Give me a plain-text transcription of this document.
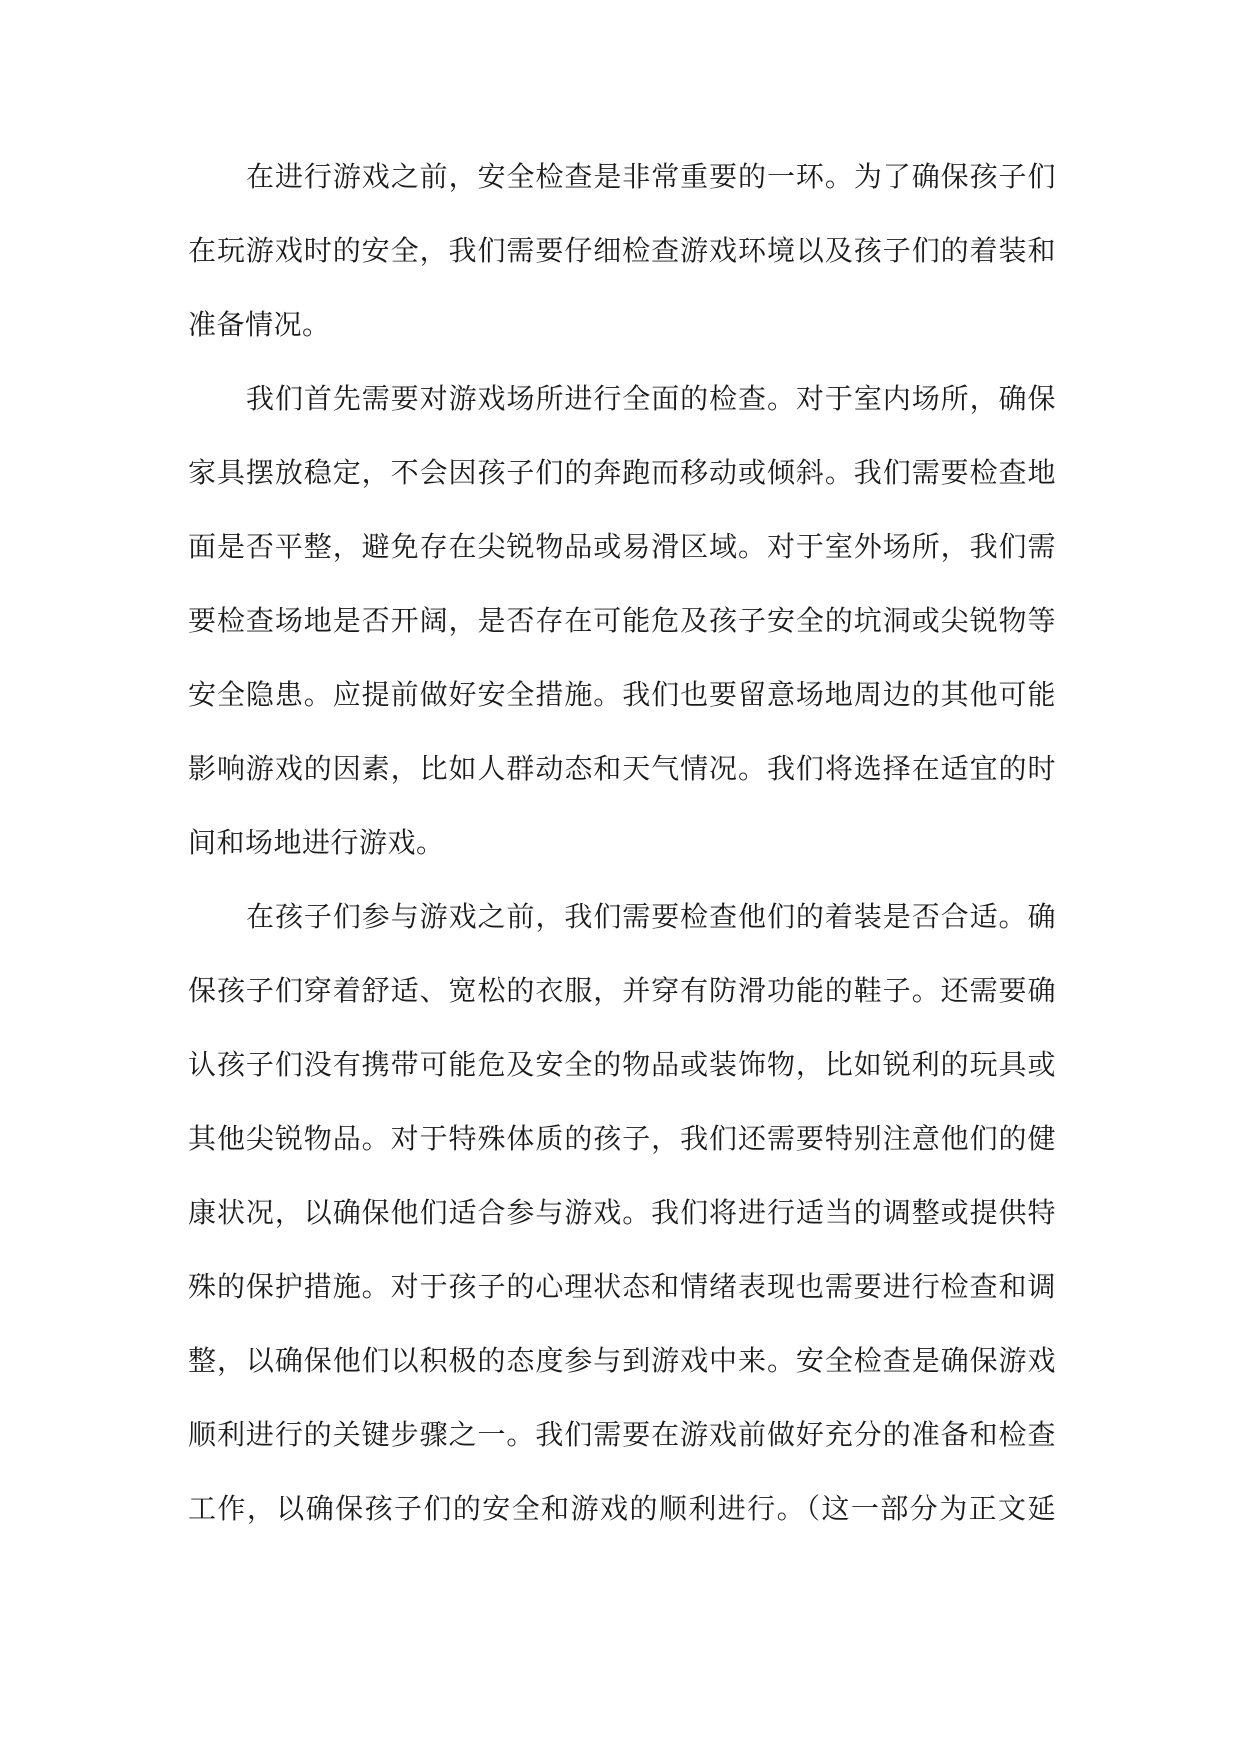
在进行游戏之前，安全检查是非常重要的一环。为了确保孩子们
在玩游戏时的安全，我们需要仔细检查游戏环境以及孩子们的着装和
准备情况。
我们首先需要对游戏场所进行全面的检查。对于室内场所，确保
家具摆放稳定，不会因孩子们的奔跑而移动或倾斜。我们需要检查地
面是否平整，避免存在尖锐物品或易滑区域。对于室外场所，我们需
要检查场地是否开阔，是否存在可能危及孩子安全的坑洞或尖锐物等
安全隐患。应提前做好安全措施。我们也要留意场地周边的其他可能
影响游戏的因素，比如人群动态和天气情况。我们将选择在适宜的时
间和场地进行游戏。
在孩子们参与游戏之前，我们需要检查他们的着装是否合适。确
保孩子们穿着舒适、宽松的衣服，并穿有防滑功能的鞋子。还需要确
认孩子们没有携带可能危及安全的物品或装饰物，比如锐利的玩具或
其他尖锐物品。对于特殊体质的孩子，我们还需要特别注意他们的健
康状况，以确保他们适合参与游戏。我们将进行适当的调整或提供特
殊的保护措施。对于孩子的心理状态和情绪表现也需要进行检查和调
整，以确保他们以积极的态度参与到游戏中来。安全检查是确保游戏
顺利进行的关键步骤之一。我们需要在游戏前做好充分的准备和检查
工作，以确保孩子们的安全和游戏的顺利进行。（这一部分为正文延
